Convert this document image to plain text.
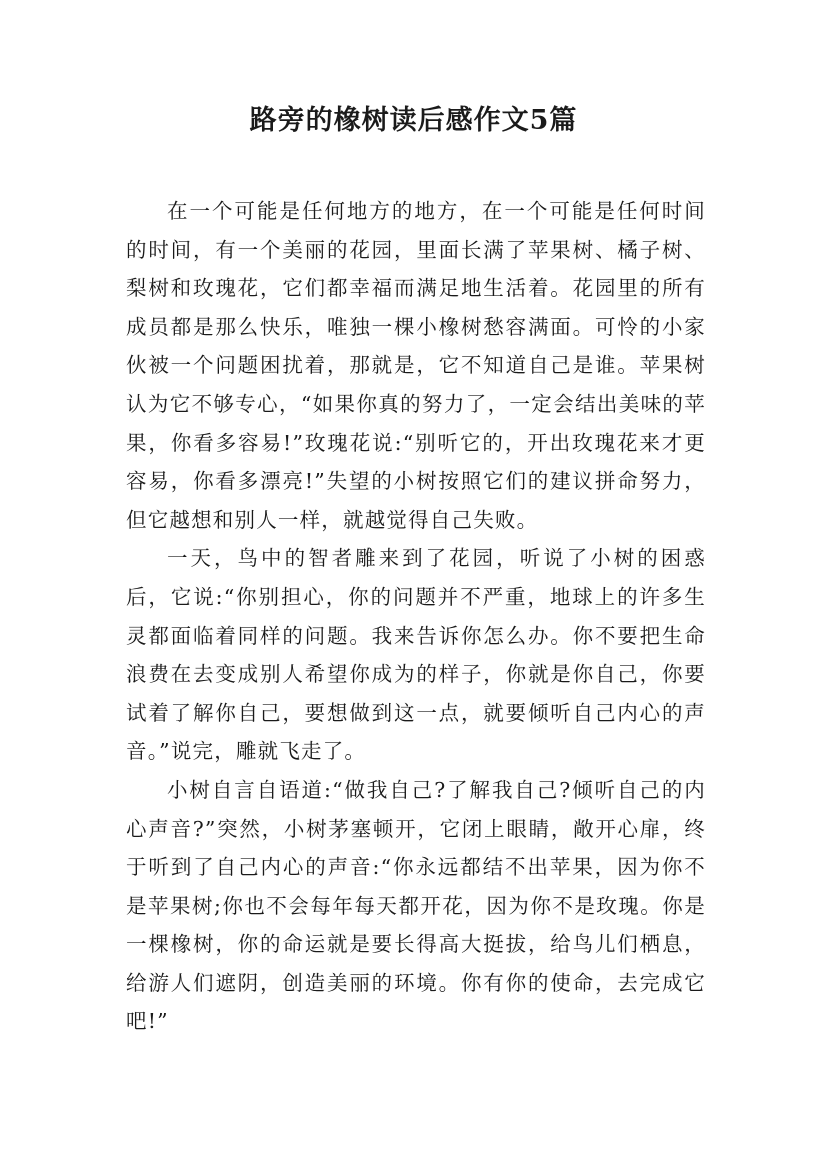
路旁的橡树读后感作文5篇

在一个可能是任何地方的地方，在一个可能是任何时间的时间，有一个美丽的花园，里面长满了苹果树、橘子树、梨树和玫瑰花，它们都幸福而满足地生活着。花园里的所有成员都是那么快乐，唯独一棵小橡树愁容满面。可怜的小家伙被一个问题困扰着，那就是，它不知道自己是谁。苹果树认为它不够专心，“如果你真的努力了，一定会结出美味的苹果，你看多容易!”玫瑰花说:“别听它的，开出玫瑰花来才更容易，你看多漂亮!”失望的小树按照它们的建议拼命努力，但它越想和别人一样，就越觉得自己失败。

一天，鸟中的智者雕来到了花园，听说了小树的困惑后，它说:“你别担心，你的问题并不严重，地球上的许多生灵都面临着同样的问题。我来告诉你怎么办。你不要把生命浪费在去变成别人希望你成为的样子，你就是你自己，你要试着了解你自己，要想做到这一点，就要倾听自己内心的声音。”说完，雕就飞走了。

小树自言自语道:“做我自己?了解我自己?倾听自己的内心声音?”突然，小树茅塞顿开，它闭上眼睛，敞开心扉，终于听到了自己内心的声音:“你永远都结不出苹果，因为你不是苹果树;你也不会每年每天都开花，因为你不是玫瑰。你是一棵橡树，你的命运就是要长得高大挺拔，给鸟儿们栖息，给游人们遮阴，创造美丽的环境。你有你的使命，去完成它吧!”
